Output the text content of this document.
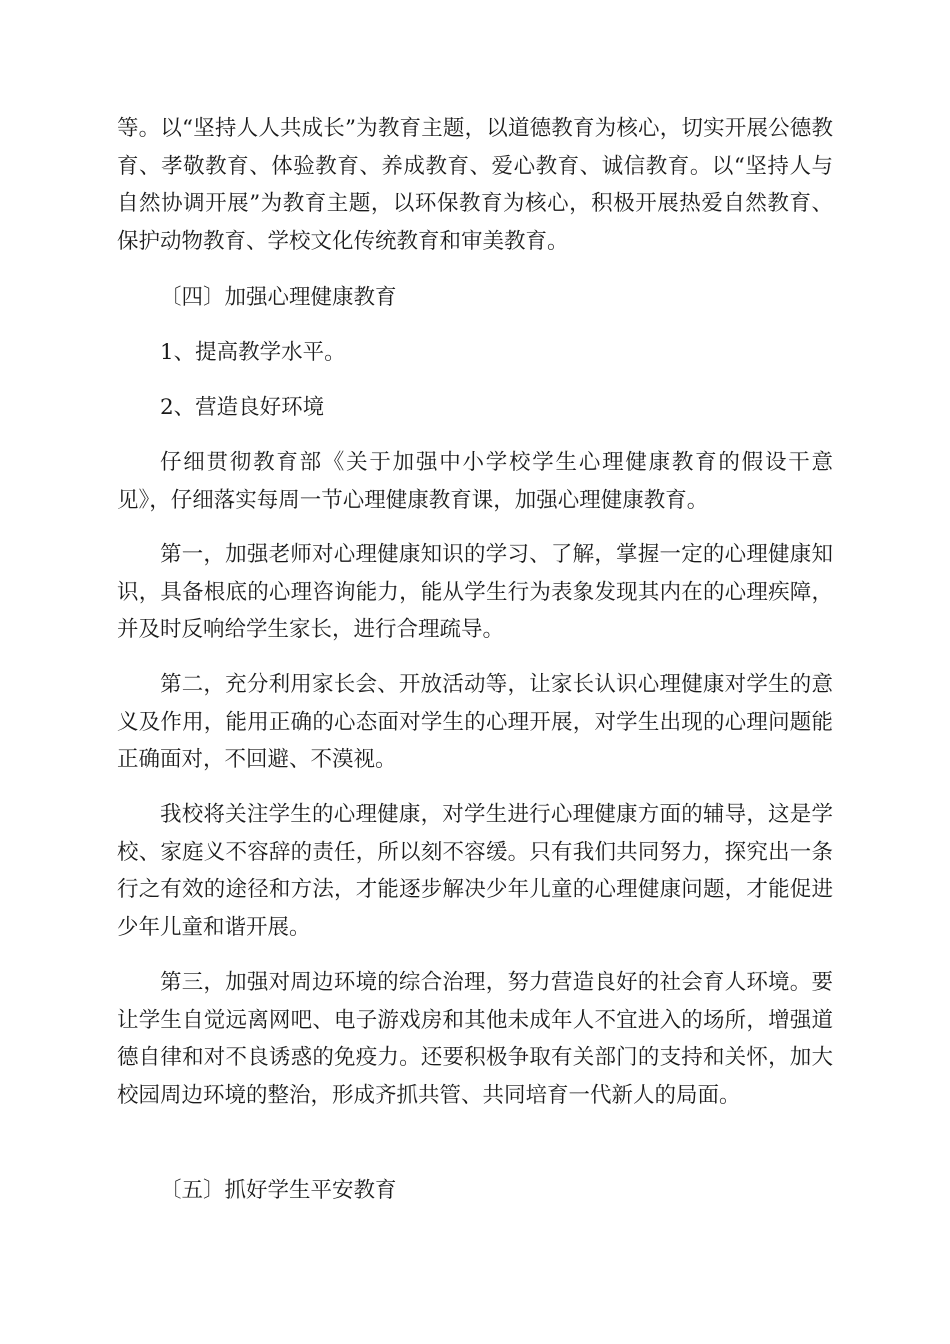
等。以“坚持人人共成长”为教育主题，以道德教育为核心，切实开展公德教育、孝敬教育、体验教育、养成教育、爱心教育、诚信教育。以“坚持人与自然协调开展”为教育主题，以环保教育为核心，积极开展热爱自然教育、保护动物教育、学校文化传统教育和审美教育。

〔四〕加强心理健康教育

1、提高教学水平。

2、营造良好环境

仔细贯彻教育部《关于加强中小学校学生心理健康教育的假设干意见》，仔细落实每周一节心理健康教育课，加强心理健康教育。

第一，加强老师对心理健康知识的学习、了解，掌握一定的心理健康知识，具备根底的心理咨询能力，能从学生行为表象发现其内在的心理疾障，并及时反响给学生家长，进行合理疏导。

第二，充分利用家长会、开放活动等，让家长认识心理健康对学生的意义及作用，能用正确的心态面对学生的心理开展，对学生出现的心理问题能正确面对，不回避、不漠视。

我校将关注学生的心理健康，对学生进行心理健康方面的辅导，这是学校、家庭义不容辞的责任，所以刻不容缓。只有我们共同努力，探究出一条行之有效的途径和方法，才能逐步解决少年儿童的心理健康问题，才能促进少年儿童和谐开展。

第三，加强对周边环境的综合治理，努力营造良好的社会育人环境。要让学生自觉远离网吧、电子游戏房和其他未成年人不宜进入的场所，增强道德自律和对不良诱惑的免疫力。还要积极争取有关部门的支持和关怀，加大校园周边环境的整治，形成齐抓共管、共同培育一代新人的局面。

〔五〕抓好学生平安教育
